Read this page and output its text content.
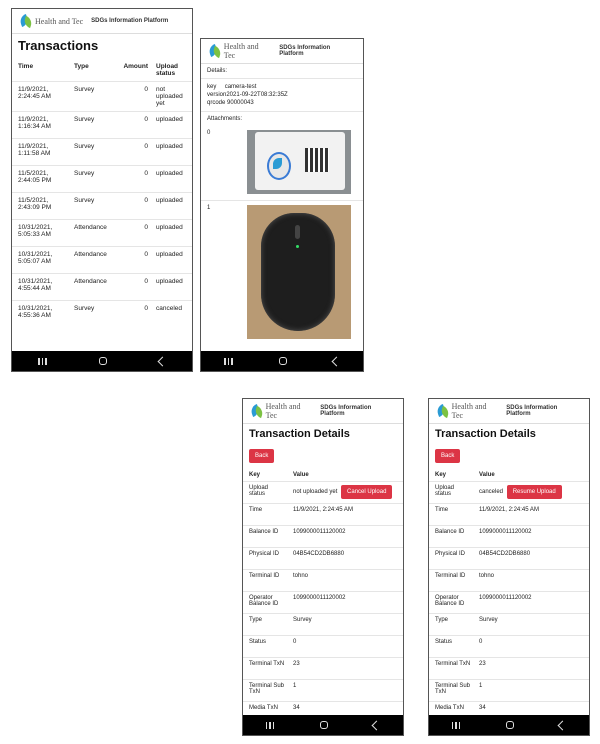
Health and Tec SDGs Information Platform
Transactions
Time	Type	Amount	Upload status
11/9/2021, 2:24:45 AM	Survey	0	not uploaded yet
11/9/2021, 1:16:34 AM	Survey	0	uploaded
11/9/2021, 1:11:58 AM	Survey	0	uploaded
11/5/2021, 2:44:05 PM	Survey	0	uploaded
11/5/2021, 2:43:09 PM	Survey	0	uploaded
10/31/2021, 5:05:33 AM	Attendance	0	uploaded
10/31/2021, 5:05:07 AM	Attendance	0	uploaded
10/31/2021, 4:55:44 AM	Attendance	0	uploaded
10/31/2021, 4:55:36 AM	Survey	0	canceled
Health and Tec
SDGs Information Platform
Details:
key camera-test
version2021-09-22T08:32:35Z
qrcode 90000043
Attachments:
0
1
Health and Tec
SDGs Information Platform
Transaction Details
Back
Key	Value
Upload status	not uploaded yet Cancel Upload
Time	11/9/2021, 2:24:45 AM
Balance ID	1099000011120002
Physical ID	04B54CD2DB6880
Terminal ID	tohno
Operator Balance ID	1099000011120002
Type	Survey
Status	0
Terminal TxN	23
Terminal Sub TxN	1
Media TxN	34

Health and Tec
SDGs Information Platform
Transaction Details
Back
Key	Value
Upload status	canceled Resume Upload
Time	11/9/2021, 2:24:45 AM
Balance ID	1099000011120002
Physical ID	04B54CD2DB6880
Terminal ID	tohno
Operator Balance ID	1099000011120002
Type	Survey
Status	0
Terminal TxN	23
Terminal Sub TxN	1
Media TxN	34
